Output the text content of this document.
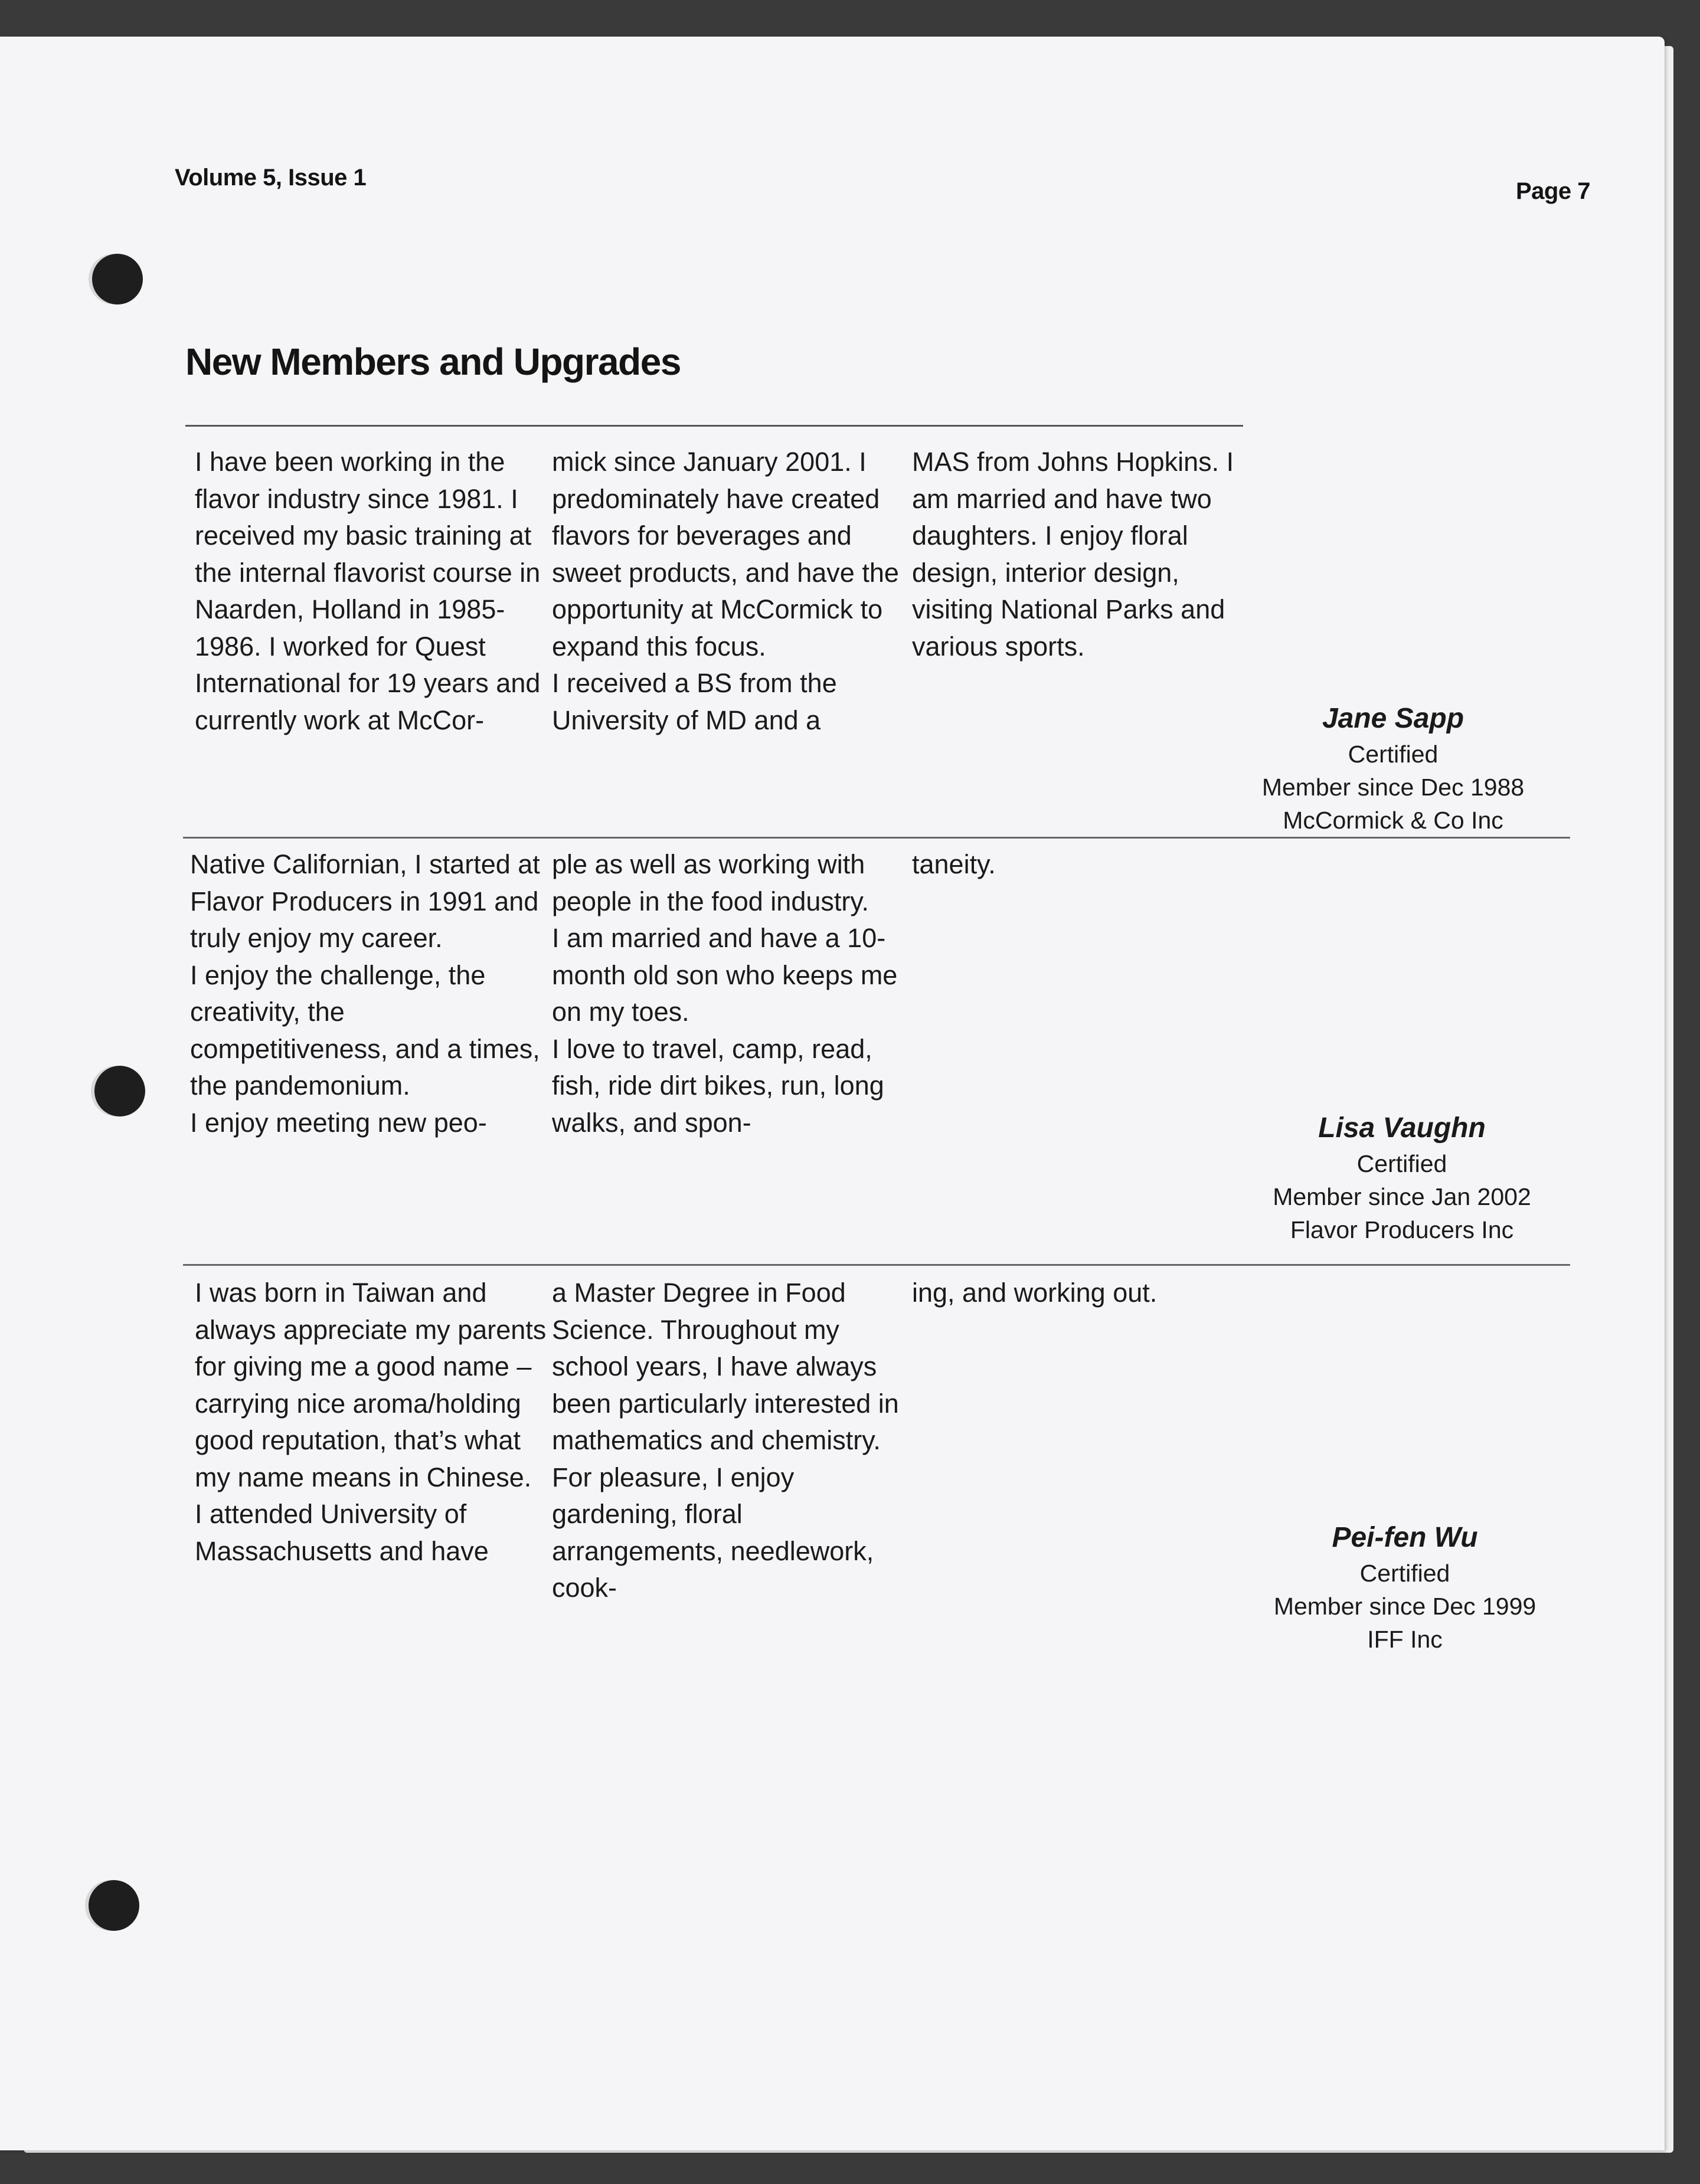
Volume 5, Issue 1
Page 7
New Members and Upgrades

I have been working in the flavor industry since 1981. I received my basic training at the internal flavorist course in Naarden, Holland in 1985-1986. I worked for Quest International for 19 years and currently work at McCor-

mick since January 2001. I predominately have created flavors for beverages and sweet products, and have the opportunity at McCormick to expand this focus.

I received a BS from the University of MD and a

MAS from Johns Hopkins. I am married and have two daughters. I enjoy floral design, interior design, visiting National Parks and various sports.

Jane Sapp
Certified
Member since Dec 1988
McCormick & Co Inc

Native Californian, I started at Flavor Producers in 1991 and truly enjoy my career.

I enjoy the challenge, the creativity, the competitiveness, and a times, the pandemonium.

I enjoy meeting new peo-

ple as well as working with people in the food industry.

I am married and have a 10-month old son who keeps me on my toes.

I love to travel, camp, read, fish, ride dirt bikes, run, long walks, and spon-

taneity.

Lisa Vaughn
Certified
Member since Jan 2002
Flavor Producers Inc

I was born in Taiwan and always appreciate my parents for giving me a good name – carrying nice aroma/holding good reputation, that’s what my name means in Chinese.

I attended University of Massachusetts and have

a Master Degree in Food Science. Throughout my school years, I have always been particularly interested in mathematics and chemistry.

For pleasure, I enjoy gardening, floral arrangements, needlework, cook-

ing, and working out.

Pei-fen Wu
Certified
Member since Dec 1999
IFF Inc
